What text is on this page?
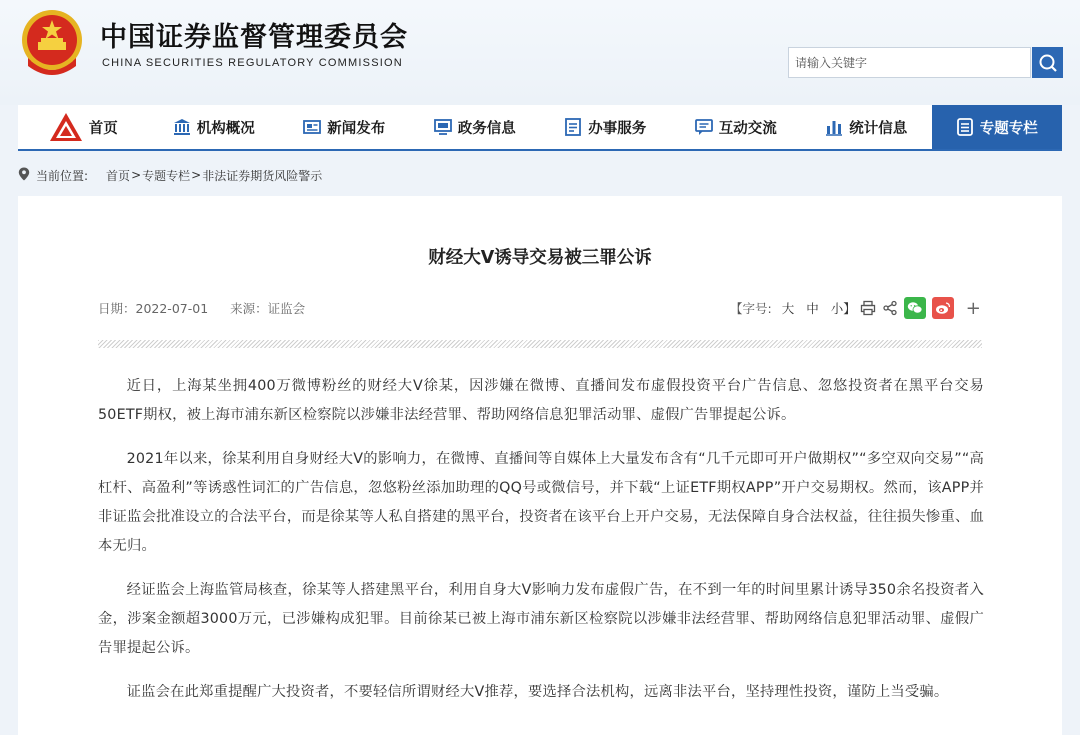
中国证券监督管理委员会
CHINA SECURITIES REGULATORY COMMISSION
请输入关键字
首页	机构概况	新闻发布	政务信息	办事服务	互动交流	统计信息	专题专栏
当前位置: 首页 > 专题专栏 > 非法证券期货风险警示
财经大V诱导交易被三罪公诉
日期：2022-07-01 来源：证监会	【字号: 大 中 小】	+

近日，上海某坐拥400万微博粉丝的财经大V徐某，因涉嫌在微博、直播间发布虚假投资平台广告信息、忽悠投资者在黑平台交易50ETF期权，被上海市浦东新区检察院以涉嫌非法经营罪、帮助网络信息犯罪活动罪、虚假广告罪提起公诉。

2021年以来，徐某利用自身财经大V的影响力，在微博、直播间等自媒体上大量发布含有“几千元即可开户做期权”“多空双向交易”“高杠杆、高盈利”等诱惑性词汇的广告信息，忽悠粉丝添加助理的QQ号或微信号，并下载“上证ETF期权APP”开户交易期权。然而，该APP并非证监会批准设立的合法平台，而是徐某等人私自搭建的黑平台，投资者在该平台上开户交易，无法保障自身合法权益，往往损失惨重、血本无归。

经证监会上海监管局核查，徐某等人搭建黑平台，利用自身大V影响力发布虚假广告，在不到一年的时间里累计诱导350余名投资者入金，涉案金额超3000万元，已涉嫌构成犯罪。目前徐某已被上海市浦东新区检察院以涉嫌非法经营罪、帮助网络信息犯罪活动罪、虚假广告罪提起公诉。

证监会在此郑重提醒广大投资者，不要轻信所谓财经大V推荐，要选择合法机构，远离非法平台，坚持理性投资，谨防上当受骗。
